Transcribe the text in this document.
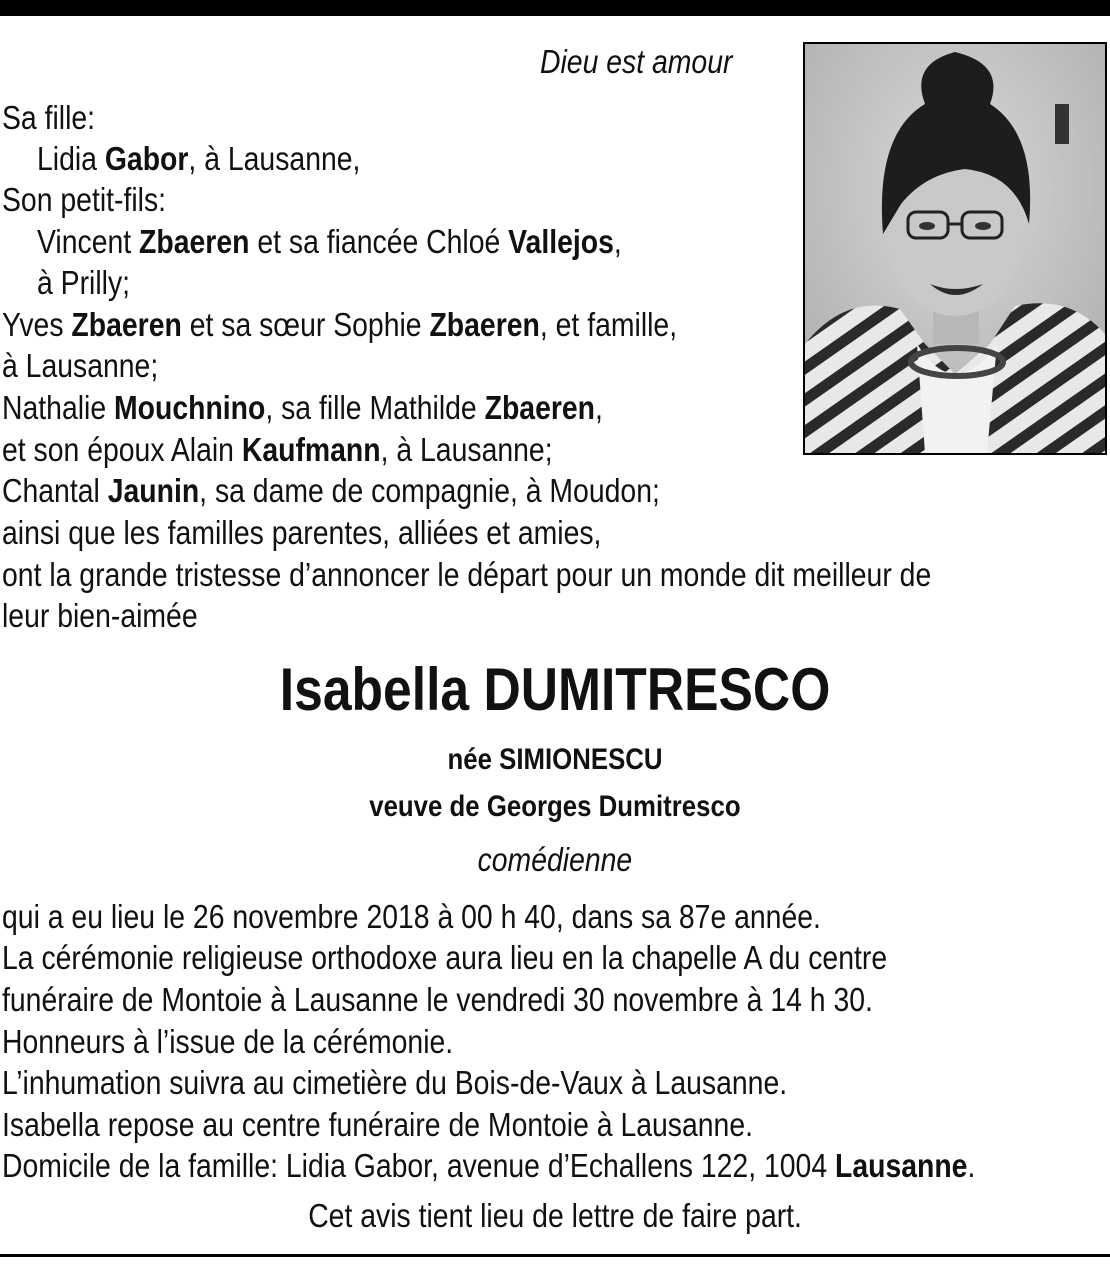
Dieu est amour
Sa fille:
Lidia Gabor, à Lausanne,
Son petit-fils:
Vincent Zbaeren et sa fiancée Chloé Vallejos,
à Prilly;
Yves Zbaeren et sa sœur Sophie Zbaeren, et famille,
à Lausanne;
Nathalie Mouchnino, sa fille Mathilde Zbaeren,
et son époux Alain Kaufmann, à Lausanne;
Chantal Jaunin, sa dame de compagnie, à Moudon;
ainsi que les familles parentes, alliées et amies,
ont la grande tristesse d’annoncer le départ pour un monde dit meilleur de
leur bien-aimée
Isabella DUMITRESCO
née SIMIONESCU
veuve de Georges Dumitresco
comédienne
qui a eu lieu le 26 novembre 2018 à 00 h 40, dans sa 87e année.
La cérémonie religieuse orthodoxe aura lieu en la chapelle A du centre
funéraire de Montoie à Lausanne le vendredi 30 novembre à 14 h 30.
Honneurs à l’issue de la cérémonie.
L’inhumation suivra au cimetière du Bois-de-Vaux à Lausanne.
Isabella repose au centre funéraire de Montoie à Lausanne.
Domicile de la famille: Lidia Gabor, avenue d’Echallens 122, 1004 Lausanne.
Cet avis tient lieu de lettre de faire part.
